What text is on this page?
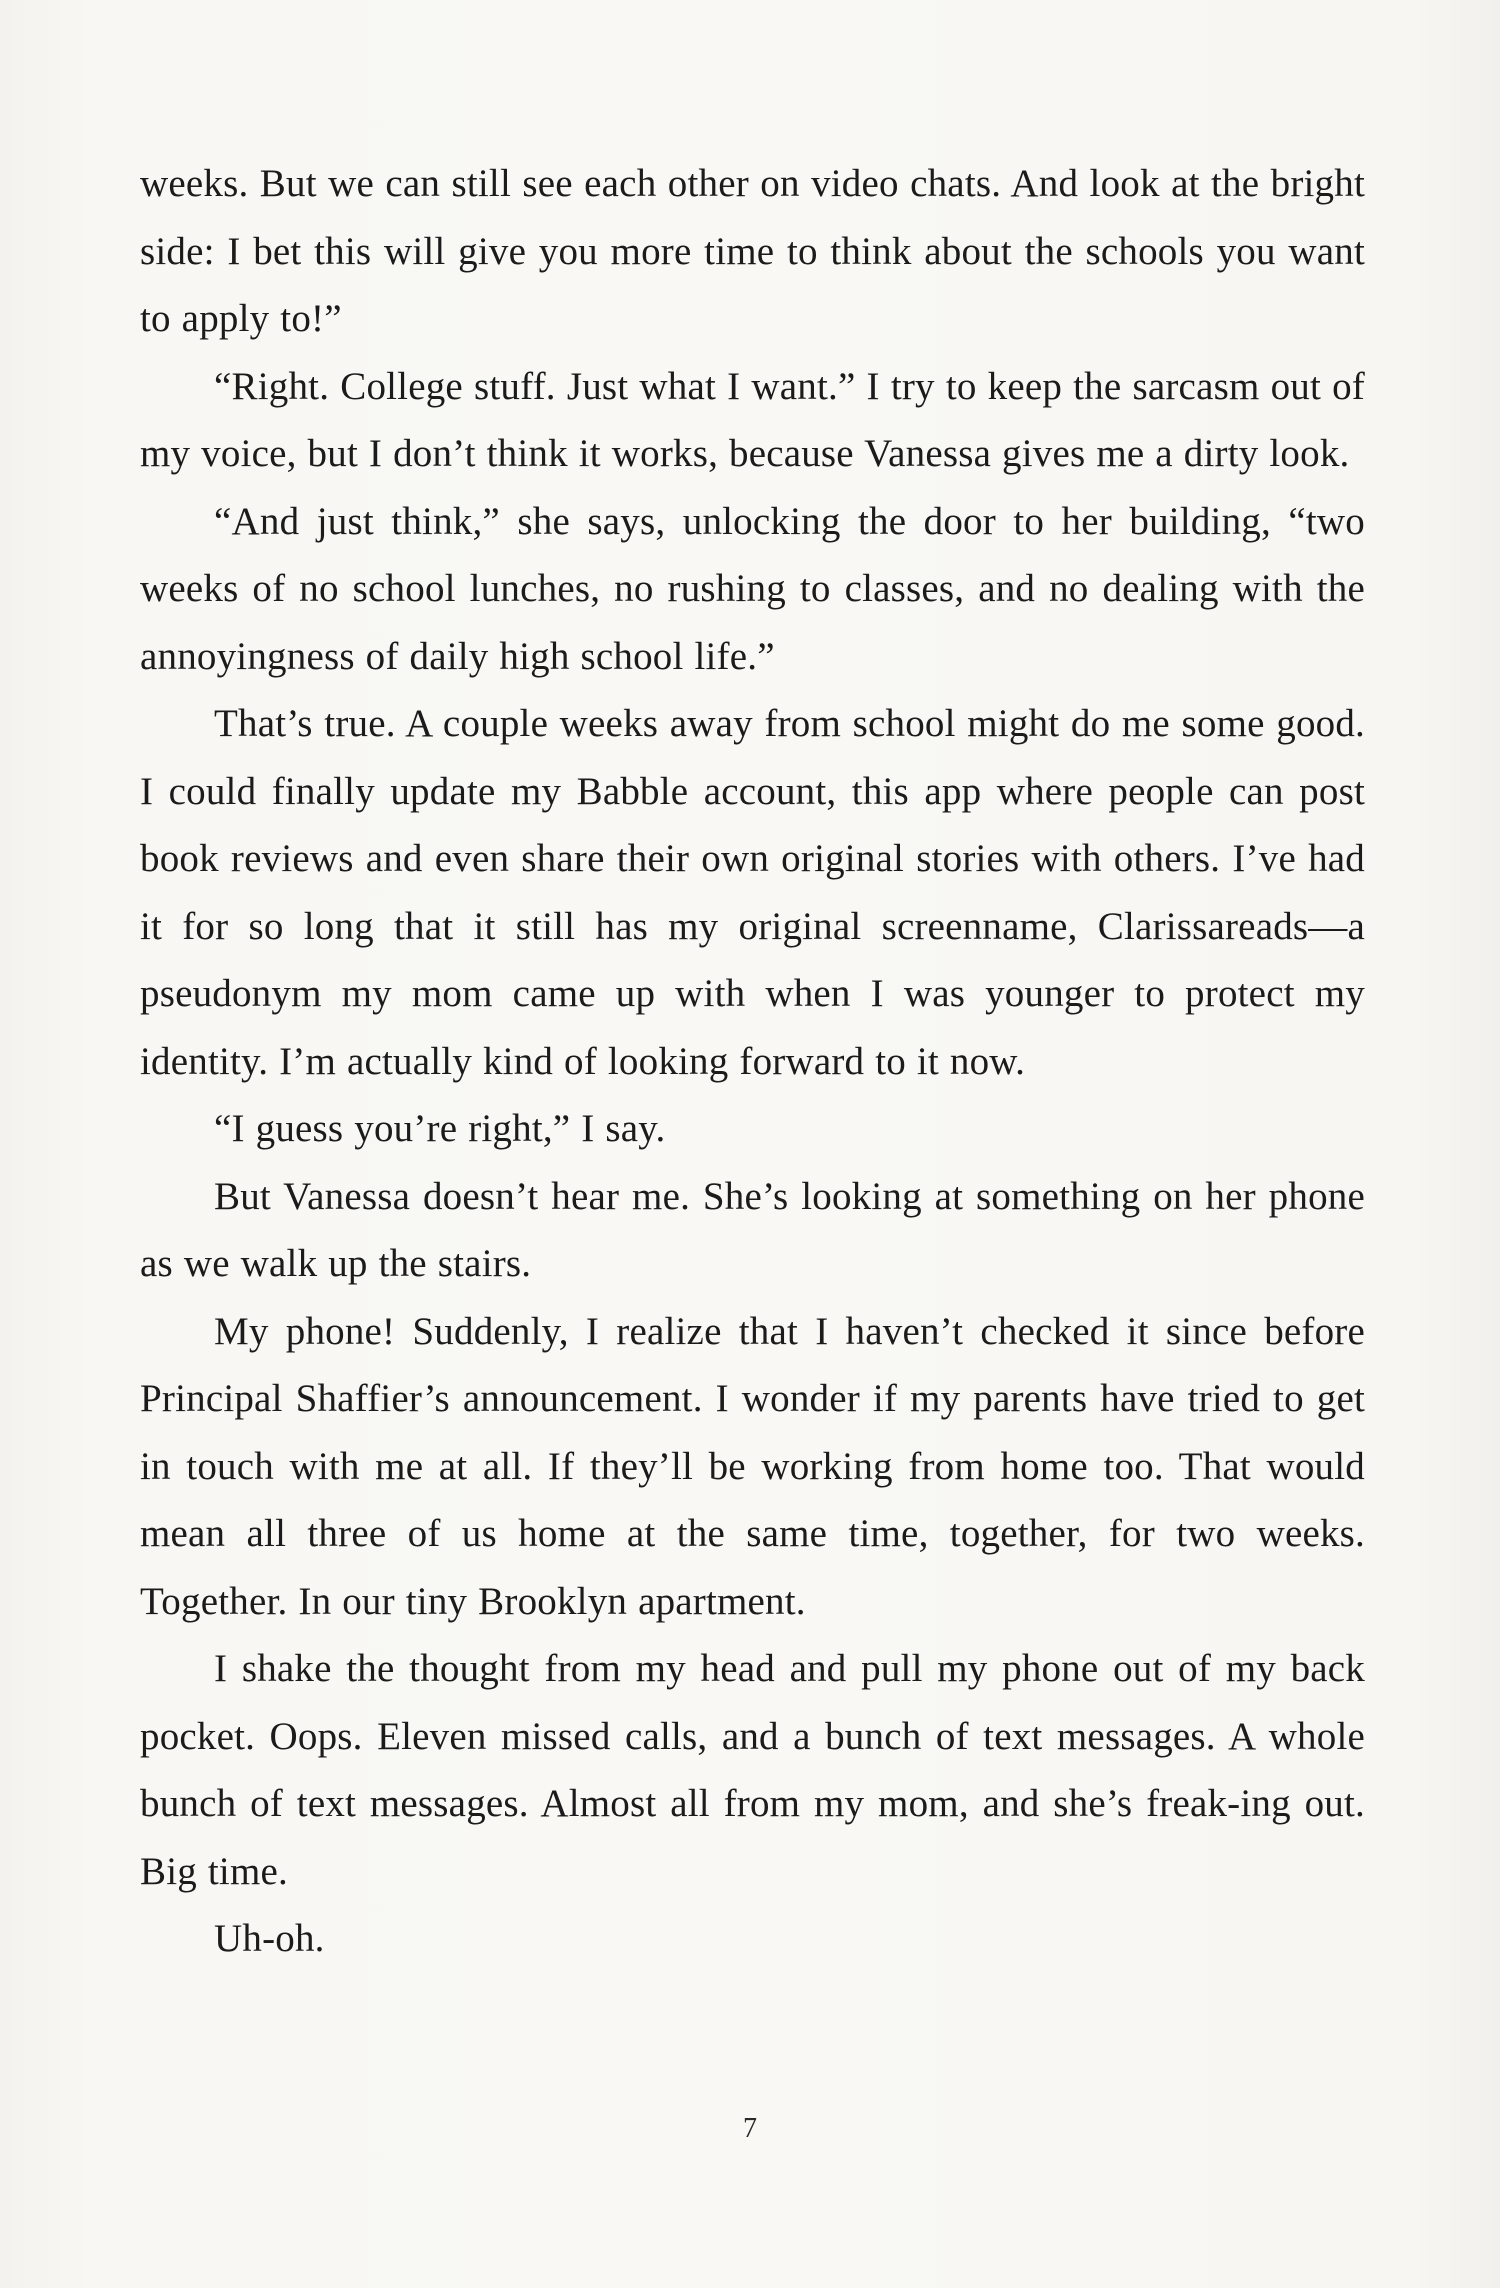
weeks. But we can still see each other on video chats. And look at the bright side: I bet this will give you more time to think about the schools you want to apply to!”

“Right. College stuff. Just what I want.” I try to keep the sarcasm out of my voice, but I don’t think it works, because Vanessa gives me a dirty look.

“And just think,” she says, unlocking the door to her building, “two weeks of no school lunches, no rushing to classes, and no dealing with the annoyingness of daily high school life.”

That’s true. A couple weeks away from school might do me some good. I could finally update my Babble account, this app where people can post book reviews and even share their own original stories with others. I’ve had it for so long that it still has my original screenname, Clarissareads—a pseudonym my mom came up with when I was younger to protect my identity. I’m actually kind of looking forward to it now.

“I guess you’re right,” I say.

But Vanessa doesn’t hear me. She’s looking at something on her phone as we walk up the stairs.

My phone! Suddenly, I realize that I haven’t checked it since before Principal Shaffier’s announcement. I wonder if my parents have tried to get in touch with me at all. If they’ll be working from home too. That would mean all three of us home at the same time, together, for two weeks. Together. In our tiny Brooklyn apartment.

I shake the thought from my head and pull my phone out of my back pocket. Oops. Eleven missed calls, and a bunch of text messages. A whole bunch of text messages. Almost all from my mom, and she’s freak-ing out. Big time.

Uh-oh.

7
